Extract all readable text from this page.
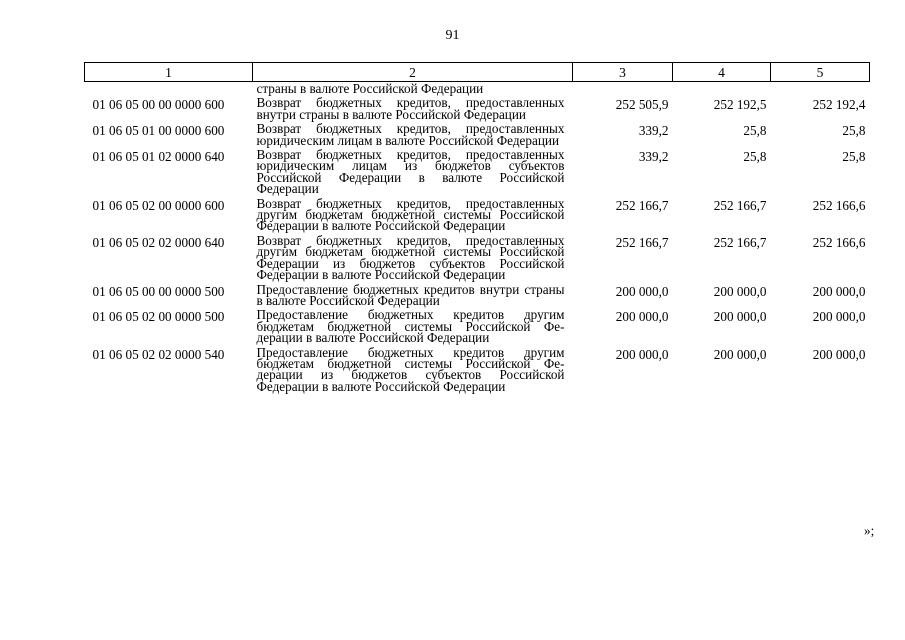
91
1	2	3	4	5
	страны в валюте Российской Федерации			
01 06 05 00 00 0000 600	Возврат бюджетных кредитов, предоставленных внутри страны в валюте Российской Федерации	252 505,9	252 192,5	252 192,4
01 06 05 01 00 0000 600	Возврат бюджетных кредитов, предоставленных юридическим лицам в валюте Российской Федерации	339,2	25,8	25,8
01 06 05 01 02 0000 640	Возврат бюджетных кредитов, предоставленных юридическим лицам из бюджетов субъектов Российской Федерации в валюте Российской Федерации	339,2	25,8	25,8
01 06 05 02 00 0000 600	Возврат бюджетных кредитов, предоставленных другим бюджетам бюджетной системы Российской Федерации в валюте Российской Федерации	252 166,7	252 166,7	252 166,6
01 06 05 02 02 0000 640	Возврат бюджетных кредитов, предоставленных другим бюджетам бюджетной системы Российской Федерации из бюджетов субъектов Российской Федерации в валюте Российской Федерации	252 166,7	252 166,7	252 166,6
01 06 05 00 00 0000 500	Предоставление бюджетных кредитов внутри страны в валюте Российской Федерации	200 000,0	200 000,0	200 000,0
01 06 05 02 00 0000 500	Предоставление бюджетных кредитов другим бюджетам бюджетной системы Российской Федерации в валюте Российской Федерации	200 000,0	200 000,0	200 000,0
01 06 05 02 02 0000 540	Предоставление бюджетных кредитов другим бюджетам бюджетной системы Российской Федерации из бюджетов субъектов Российской Федерации в валюте Российской Федерации	200 000,0	200 000,0	200 000,0
»;
